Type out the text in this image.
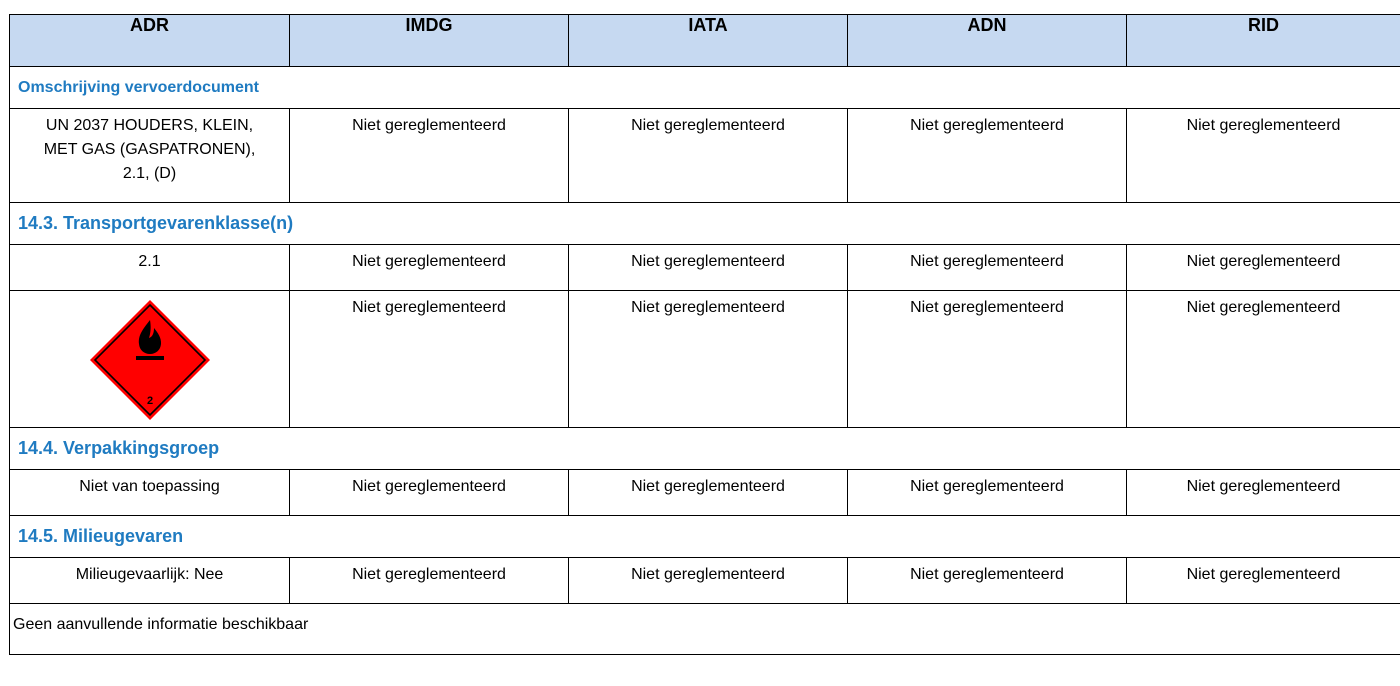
ADR	IMDG	IATA	ADN	RID
Omschrijving vervoerdocument				
UN 2037 HOUDERS, KLEIN, MET GAS (GASPATRONEN), 2.1, (D)	Niet gereglementeerd	Niet gereglementeerd	Niet gereglementeerd	Niet gereglementeerd
14.3. Transportgevarenklasse(n)				
2.1	Niet gereglementeerd	Niet gereglementeerd	Niet gereglementeerd	Niet gereglementeerd

2	Niet gereglementeerd	Niet gereglementeerd	Niet gereglementeerd	Niet gereglementeerd
14.4. Verpakkingsgroep				
Niet van toepassing	Niet gereglementeerd	Niet gereglementeerd	Niet gereglementeerd	Niet gereglementeerd
14.5. Milieugevaren				
Milieugevaarlijk: Nee	Niet gereglementeerd	Niet gereglementeerd	Niet gereglementeerd	Niet gereglementeerd
Geen aanvullende informatie beschikbaar				
